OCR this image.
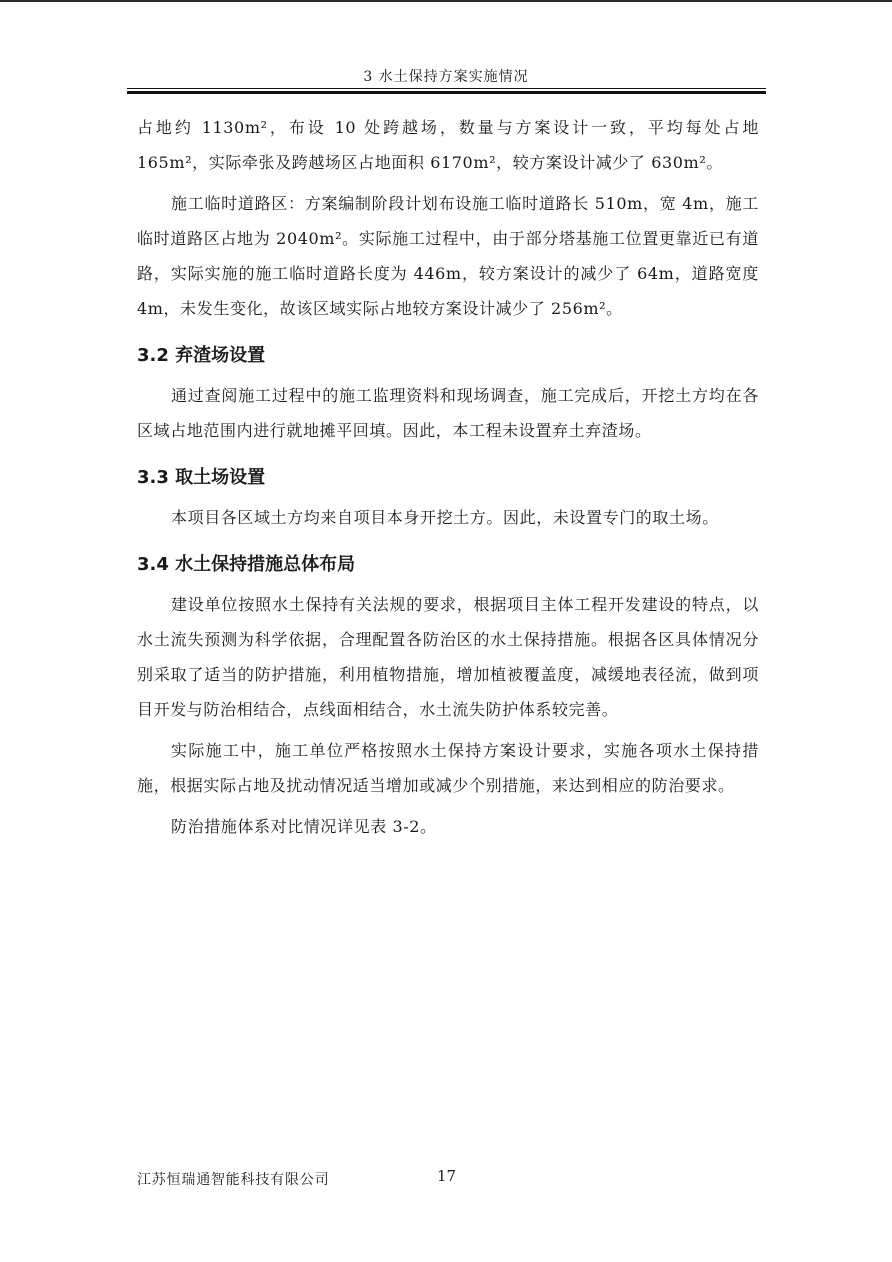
3 水土保持方案实施情况

占地约 1130m²，布设 10 处跨越场，数量与方案设计一致，平均每处占地 165m²，实际牵张及跨越场区占地面积 6170m²，较方案设计减少了 630m²。

施工临时道路区：方案编制阶段计划布设施工临时道路长 510m，宽 4m，施工临时道路区占地为 2040m²。实际施工过程中，由于部分塔基施工位置更靠近已有道路，实际实施的施工临时道路长度为 446m，较方案设计的减少了 64m，道路宽度 4m，未发生变化，故该区域实际占地较方案设计减少了 256m²。

3.2 弃渣场设置

通过查阅施工过程中的施工监理资料和现场调查，施工完成后，开挖土方均在各区域占地范围内进行就地摊平回填。因此，本工程未设置弃土弃渣场。

3.3 取土场设置

本项目各区域土方均来自项目本身开挖土方。因此，未设置专门的取土场。

3.4 水土保持措施总体布局

建设单位按照水土保持有关法规的要求，根据项目主体工程开发建设的特点，以水土流失预测为科学依据，合理配置各防治区的水土保持措施。根据各区具体情况分别采取了适当的防护措施，利用植物措施，增加植被覆盖度，减缓地表径流，做到项目开发与防治相结合，点线面相结合，水土流失防护体系较完善。

实际施工中，施工单位严格按照水土保持方案设计要求，实施各项水土保持措施，根据实际占地及扰动情况适当增加或减少个别措施，来达到相应的防治要求。

防治措施体系对比情况详见表 3-2。

江苏恒瑞通智能科技有限公司	17
